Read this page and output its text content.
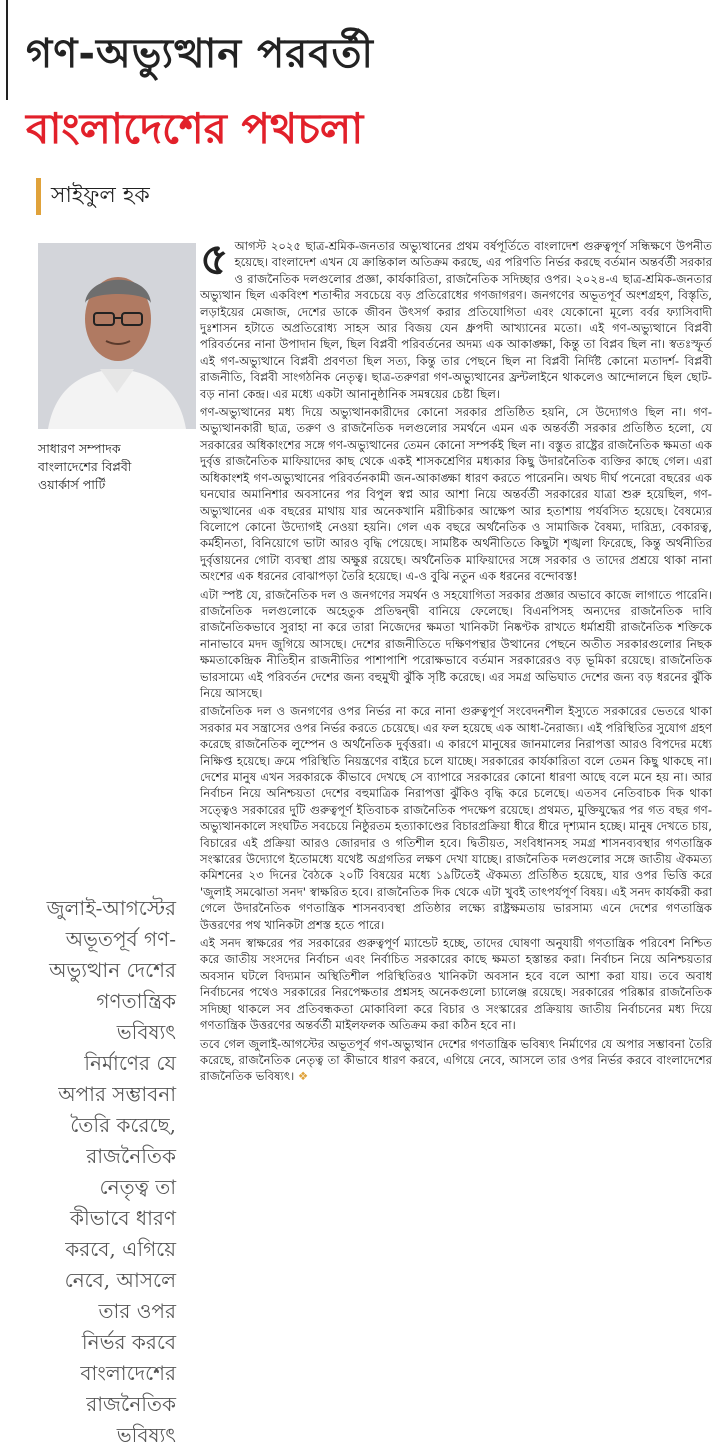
গণ-অভ্যুত্থান পরবর্তী
বাংলাদেশের পথচলা
সাইফুল হক
সাধারণ সম্পাদক
বাংলাদেশের বিপ্লবী
ওয়ার্কার্স পার্টি
জুলাই-আগস্টের
অভূতপূর্ব গণ-
অভ্যুত্থান দেশের
গণতান্ত্রিক
ভবিষ্যৎ
নির্মাণের যে
অপার সম্ভাবনা
তৈরি করেছে,
রাজনৈতিক
নেতৃত্ব তা
কীভাবে ধারণ
করবে, এগিয়ে
নেবে, আসলে
তার ওপর
নির্ভর করবে
বাংলাদেশের
রাজনৈতিক
ভবিষ্যৎ

৫ আগস্ট ২০২৫ ছাত্র-শ্রমিক-জনতার অভ্যুত্থানের প্রথম বর্ষপূর্তিতে বাংলাদেশ গুরুত্বপূর্ণ সন্ধিক্ষণে উপনীত হয়েছে। বাংলাদেশ এখন যে ক্রান্তিকাল অতিক্রম করছে, এর পরিণতি নির্ভর করছে বর্তমান অন্তর্বর্তী সরকার ও রাজনৈতিক দলগুলোর প্রজ্ঞা, কার্যকারিতা, রাজনৈতিক সদিচ্ছার ওপর। ২০২৪-এ ছাত্র-শ্রমিক-জনতার অভ্যুত্থান ছিল একবিংশ শতাব্দীর সবচেয়ে বড় প্রতিরোধের গণজাগরণ। জনগণের অভূতপূর্ব অংশগ্রহণ, বিস্তৃতি, লড়াইয়ের মেজাজ, দেশের ডাকে জীবন উৎসর্গ করার প্রতিযোগিতা এবং যেকোনো মূল্যে বর্বর ফ্যাসিবাদী দুঃশাসন হটাতে অপ্রতিরোধ্য সাহস আর বিজয় যেন ধ্রুপদী আখ্যানের মতো। এই গণ-অভ্যুত্থানে বিপ্লবী পরিবর্তনের নানা উপাদান ছিল, ছিল বিপ্লবী পরিবর্তনের অদম্য এক আকাঙ্ক্ষা, কিন্তু তা বিপ্লব ছিল না। স্বতঃস্ফূর্ত এই গণ-অভ্যুত্থানে বিপ্লবী প্রবণতা ছিল সত্য, কিন্তু তার পেছনে ছিল না বিপ্লবী নির্দিষ্ট কোনো মতাদর্শ- বিপ্লবী রাজনীতি, বিপ্লবী সাংগঠনিক নেতৃত্ব। ছাত্র-তরুণরা গণ-অভ্যুত্থানের ফ্রন্টলাইনে থাকলেও আন্দোলনে ছিল ছোট-বড় নানা কেন্দ্র। এর মধ্যে একটা আনানুষ্ঠানিক সমন্বয়ের চেষ্টা ছিল।

গণ-অভ্যুত্থানের মধ্য দিয়ে অভ্যুত্থানকারীদের কোনো সরকার প্রতিষ্ঠিত হয়নি, সে উদ্যোগও ছিল না। গণ-অভ্যুত্থানকারী ছাত্র, তরুণ ও রাজনৈতিক দলগুলোর সমর্থনে এমন এক অন্তর্বর্তী সরকার প্রতিষ্ঠিত হলো, যে সরকারের অধিকাংশের সঙ্গে গণ-অভ্যুত্থানের তেমন কোনো সম্পর্কই ছিল না। বস্তুত রাষ্ট্রের রাজনৈতিক ক্ষমতা এক দুর্বৃত্ত রাজনৈতিক মাফিয়াদের কাছ থেকে একই শাসকশ্রেণির মধ্যকার কিছু উদারনৈতিক ব্যক্তির কাছে গেল। এরা অধিকাংশই গণ-অভ্যুত্থানের পরিবর্তনকামী জন-আকাঙ্ক্ষা ধারণ করতে পারেননি। অথচ দীর্ঘ পনেরো বছরের এক ঘনঘোর অমানিশার অবসানের পর বিপুল স্বপ্ন আর আশা নিয়ে অন্তর্বর্তী সরকারের যাত্রা শুরু হয়েছিল, গণ-অভ্যুত্থানের এক বছরের মাথায় যার অনেকখানি মরীচিকার আক্ষেপ আর হতাশায় পর্যবসিত হয়েছে। বৈষম্যের বিলোপে কোনো উদ্যোগই নেওয়া হয়নি। গেল এক বছরে অর্থনৈতিক ও সামাজিক বৈষম্য, দারিদ্র্য, বেকারত্ব, কর্মহীনতা, বিনিয়োগে ভাটা আরও বৃদ্ধি পেয়েছে। সামষ্টিক অর্থনীতিতে কিছুটা শৃঙ্খলা ফিরেছে, কিন্তু অর্থনীতির দুর্বৃত্তায়নের গোটা ব্যবস্থা প্রায় অক্ষুণ্ণ রয়েছে। অর্থনৈতিক মাফিয়াদের সঙ্গে সরকার ও তাদের প্রশ্রয়ে থাকা নানা অংশের এক ধরনের বোঝাপড়া তৈরি হয়েছে। এ-ও বুঝি নতুন এক ধরনের বন্দোবস্ত!

এটা স্পষ্ট যে, রাজনৈতিক দল ও জনগণের সমর্থন ও সহযোগিতা সরকার প্রজ্ঞার অভাবে কাজে লাগাতে পারেনি। রাজনৈতিক দলগুলোকে অহেতুক প্রতিদ্বন্দ্বী বানিয়ে ফেলেছে। বিএনপিসহ অন্যদের রাজনৈতিক দাবি রাজনৈতিকভাবে সুরাহা না করে তারা নিজেদের ক্ষমতা খানিকটা নিষ্কণ্টক রাখতে ধর্মাশ্রয়ী রাজনৈতিক শক্তিকে নানাভাবে মদদ জুগিয়ে আসছে। দেশের রাজনীতিতে দক্ষিণপন্থার উত্থানের পেছনে অতীত সরকারগুলোর নিছক ক্ষমতাকেন্দ্রিক নীতিহীন রাজনীতির পাশাপাশি পরোক্ষভাবে বর্তমান সরকারেরও বড় ভূমিকা রয়েছে। রাজনৈতিক ভারসাম্যে এই পরিবর্তন দেশের জন্য বহুমুখী ঝুঁকি সৃষ্টি করেছে। এর সমগ্র অভিঘাত দেশের জন্য বড় ধরনের ঝুঁকি নিয়ে আসছে।

রাজনৈতিক দল ও জনগণের ওপর নির্ভর না করে নানা গুরুত্বপূর্ণ সংবেদনশীল ইস্যুতে সরকারের ভেতরে থাকা সরকার মব সন্ত্রাসের ওপর নির্ভর করতে চেয়েছে। এর ফল হয়েছে এক আধা-নৈরাজ্য। এই পরিস্থিতির সুযোগ গ্রহণ করেছে রাজনৈতিক লুম্পেন ও অর্থনৈতিক দুর্বৃত্তরা। এ কারণে মানুষের জানমালের নিরাপত্তা আরও বিপদের মধ্যে নিক্ষিপ্ত হয়েছে। ক্রমে পরিস্থিতি নিয়ন্ত্রণের বাইরে চলে যাচ্ছে। সরকারের কার্যকারিতা বলে তেমন কিছু থাকছে না। দেশের মানুষ এখন সরকারকে কীভাবে দেখছে সে ব্যাপারে সরকারের কোনো ধারণা আছে বলে মনে হয় না। আর নির্বাচন নিয়ে অনিশ্চয়তা দেশের বহুমাত্রিক নিরাপত্তা ঝুঁকিও বৃদ্ধি করে চলেছে। এতসব নেতিবাচক দিক থাকা সত্ত্বেও সরকারের দুটি গুরুত্বপূর্ণ ইতিবাচক রাজনৈতিক পদক্ষেপ রয়েছে। প্রথমত, মুক্তিযুদ্ধের পর গত বছর গণ-অভ্যুত্থানকালে সংঘটিত সবচেয়ে নিষ্ঠুরতম হত্যাকাণ্ডের বিচারপ্রক্রিয়া ধীরে ধীরে দৃশ্যমান হচ্ছে। মানুষ দেখতে চায়, বিচারের এই প্রক্রিয়া আরও জোরদার ও গতিশীল হবে। দ্বিতীয়ত, সংবিধানসহ সমগ্র শাসনব্যবস্থার গণতান্ত্রিক সংস্কারের উদ্যোগে ইতোমধ্যে যথেষ্ট অগ্রগতির লক্ষণ দেখা যাচ্ছে। রাজনৈতিক দলগুলোর সঙ্গে জাতীয় ঐকমত্য কমিশনের ২৩ দিনের বৈঠকে ২০টি বিষয়ের মধ্যে ১৯টিতেই ঐকমত্য প্রতিষ্ঠিত হয়েছে, যার ওপর ভিত্তি করে 'জুলাই সমঝোতা সনদ' স্বাক্ষরিত হবে। রাজনৈতিক দিক থেকে এটা খুবই তাৎপর্যপূর্ণ বিষয়। এই সনদ কার্যকরী করা গেলে উদারনৈতিক গণতান্ত্রিক শাসনব্যবস্থা প্রতিষ্ঠার লক্ষ্যে রাষ্ট্রক্ষমতায় ভারসাম্য এনে দেশের গণতান্ত্রিক উত্তরণের পথ খানিকটা প্রশস্ত হতে পারে।

এই সনদ স্বাক্ষরের পর সরকারের গুরুত্বপূর্ণ ম্যান্ডেট হচ্ছে, তাদের ঘোষণা অনুযায়ী গণতান্ত্রিক পরিবেশ নিশ্চিত করে জাতীয় সংসদের নির্বাচন এবং নির্বাচিত সরকারের কাছে ক্ষমতা হস্তান্তর করা। নির্বাচন নিয়ে অনিশ্চয়তার অবসান ঘটলে বিদ্যমান অস্থিতিশীল পরিস্থিতিরও খানিকটা অবসান হবে বলে আশা করা যায়। তবে অবাধ নির্বাচনের পথেও সরকারের নিরপেক্ষতার প্রশ্নসহ অনেকগুলো চ্যালেঞ্জ রয়েছে। সরকারের পরিষ্কার রাজনৈতিক সদিচ্ছা থাকলে সব প্রতিবন্ধকতা মোকাবিলা করে বিচার ও সংস্কারের প্রক্রিয়ায় জাতীয় নির্বাচনের মধ্য দিয়ে গণতান্ত্রিক উত্তরণের অন্তর্বর্তী মাইলফলক অতিক্রম করা কঠিন হবে না।

তবে গেল জুলাই-আগস্টের অভূতপূর্ব গণ-অভ্যুত্থান দেশের গণতান্ত্রিক ভবিষ্যৎ নির্মাণের যে অপার সম্ভাবনা তৈরি করেছে, রাজনৈতিক নেতৃত্ব তা কীভাবে ধারণ করবে, এগিয়ে নেবে, আসলে তার ওপর নির্ভর করবে বাংলাদেশের রাজনৈতিক ভবিষ্যৎ। ❖
